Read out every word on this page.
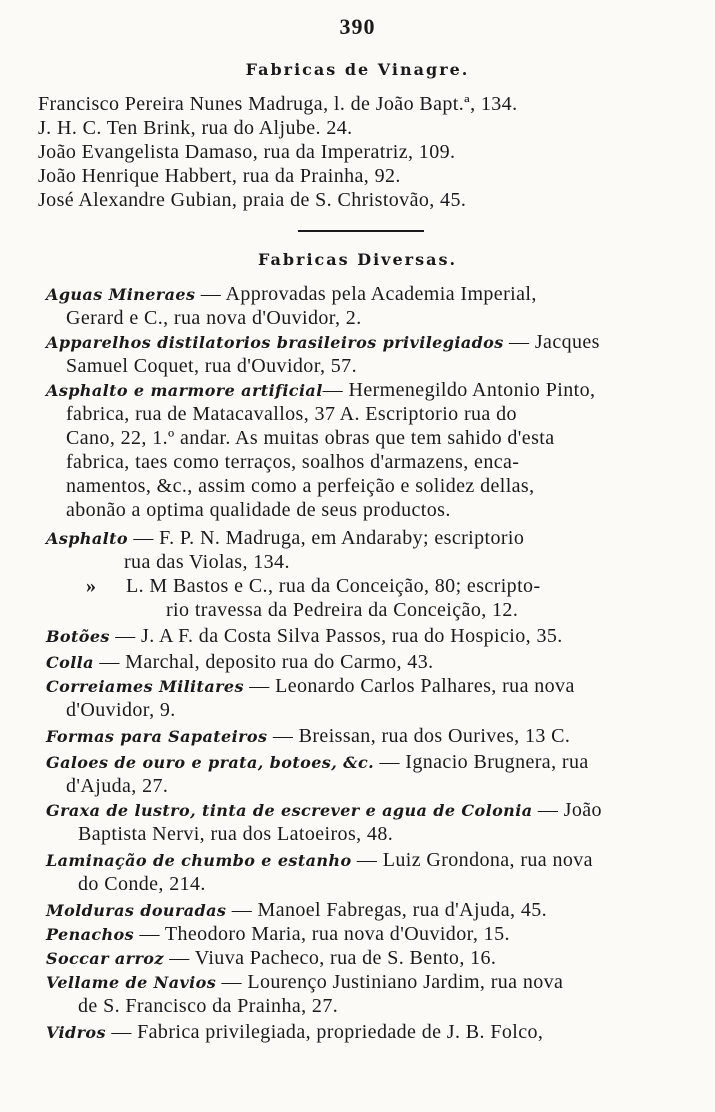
390
Fabricas de Vinagre.
Francisco Pereira Nunes Madruga, l. de João Bapt.ª, 134.
J. H. C. Ten Brink, rua do Aljube. 24.
João Evangelista Damaso, rua da Imperatriz, 109.
João Henrique Habbert, rua da Prainha, 92.
José Alexandre Gubian, praia de S. Christovão, 45.
Fabricas Diversas.
Aguas Mineraes — Approvadas pela Academia Imperial,
Gerard e C., rua nova d'Ouvidor, 2.
Apparelhos distilatorios brasileiros privilegiados — Jacques
Samuel Coquet, rua d'Ouvidor, 57.
Asphalto e marmore artificial— Hermenegildo Antonio Pinto,
fabrica, rua de Matacavallos, 37 A. Escriptorio rua do
Cano, 22, 1.º andar. As muitas obras que tem sahido d'esta
fabrica, taes como terraços, soalhos d'armazens, enca-
namentos, &c., assim como a perfeição e solidez dellas,
abonão a optima qualidade de seus productos.
Asphalto — F. P. N. Madruga, em Andaraby; escriptorio
rua das Violas, 134.
» L. M Bastos e C., rua da Conceição, 80; escripto-
rio travessa da Pedreira da Conceição, 12.
Botões — J. A F. da Costa Silva Passos, rua do Hospicio, 35.
Colla — Marchal, deposito rua do Carmo, 43.
Correiames Militares — Leonardo Carlos Palhares, rua nova
d'Ouvidor, 9.
Formas para Sapateiros — Breissan, rua dos Ourives, 13 C.
Galoes de ouro e prata, botoes, &c. — Ignacio Brugnera, rua
d'Ajuda, 27.
Graxa de lustro, tinta de escrever e agua de Colonia — João
Baptista Nervi, rua dos Latoeiros, 48.
Laminação de chumbo e estanho — Luiz Grondona, rua nova
do Conde, 214.
Molduras douradas — Manoel Fabregas, rua d'Ajuda, 45.
Penachos — Theodoro Maria, rua nova d'Ouvidor, 15.
Soccar arroz — Viuva Pacheco, rua de S. Bento, 16.
Vellame de Navios — Lourenço Justiniano Jardim, rua nova
de S. Francisco da Prainha, 27.
Vidros — Fabrica privilegiada, propriedade de J. B. Folco,
